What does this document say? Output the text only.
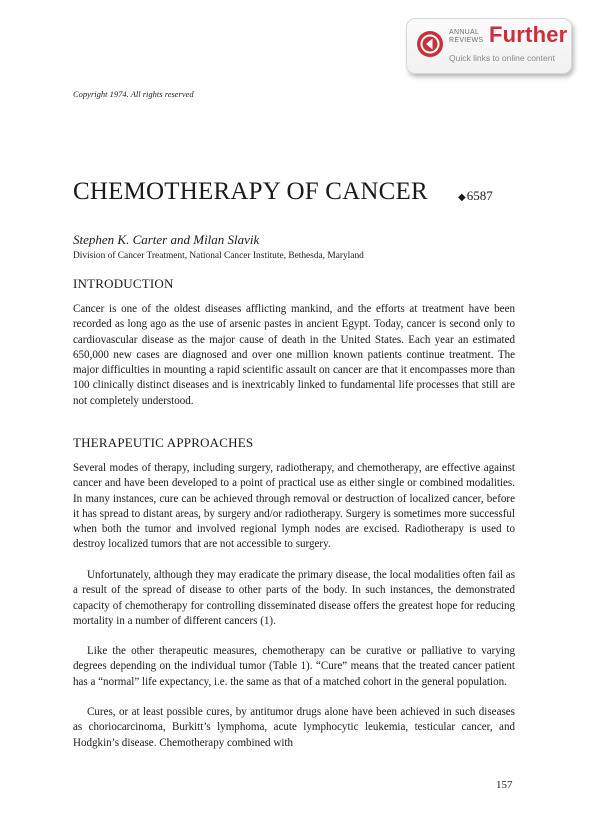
ANNUAL
REVIEWS Further
Quick links to online content
Copyright 1974. All rights reserved
CHEMOTHERAPY OF CANCER	◆6587
Stephen K. Carter and Milan Slavik
Division of Cancer Treatment, National Cancer Institute, Bethesda, Maryland
INTRODUCTION

Cancer is one of the oldest diseases afflicting mankind, and the efforts at treatment have been recorded as long ago as the use of arsenic pastes in ancient Egypt. Today, cancer is second only to cardiovascular disease as the major cause of death in the United States. Each year an estimated 650,000 new cases are diagnosed and over one million known patients continue treatment. The major difficulties in mounting a rapid scientific assault on cancer are that it encompasses more than 100 clinically distinct diseases and is inextricably linked to fundamental life processes that still are not completely understood.

THERAPEUTIC APPROACHES

Several modes of therapy, including surgery, radiotherapy, and chemotherapy, are effective against cancer and have been developed to a point of practical use as either single or combined modalities. In many instances, cure can be achieved through removal or destruction of localized cancer, before it has spread to distant areas, by surgery and/or radiotherapy. Surgery is sometimes more successful when both the tumor and involved regional lymph nodes are excised. Radiotherapy is used to destroy localized tumors that are not accessible to surgery.

Unfortunately, although they may eradicate the primary disease, the local modalities often fail as a result of the spread of disease to other parts of the body. In such instances, the demonstrated capacity of chemotherapy for controlling disseminated disease offers the greatest hope for reducing mortality in a number of different cancers (1).

Like the other therapeutic measures, chemotherapy can be curative or palliative to varying degrees depending on the individual tumor (Table 1). “Cure” means that the treated cancer patient has a “normal” life expectancy, i.e. the same as that of a matched cohort in the general population.

Cures, or at least possible cures, by antitumor drugs alone have been achieved in such diseases as choriocarcinoma, Burkitt’s lymphoma, acute lymphocytic leukemia, testicular cancer, and Hodgkin’s disease. Chemotherapy combined with

157
